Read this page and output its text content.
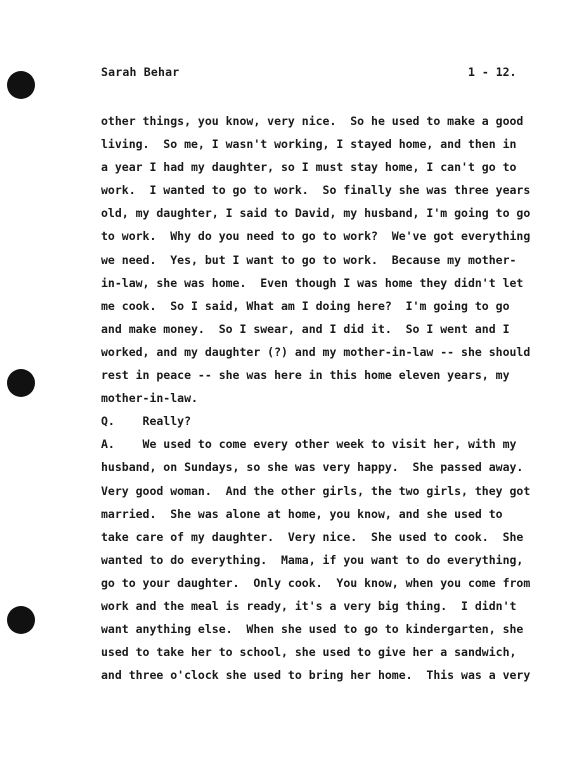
Sarah Behar	1 - 12.
other things, you know, very nice.  So he used to make a good
living.  So me, I wasn't working, I stayed home, and then in
a year I had my daughter, so I must stay home, I can't go to
work.  I wanted to go to work.  So finally she was three years
old, my daughter, I said to David, my husband, I'm going to go
to work.  Why do you need to go to work?  We've got everything
we need.  Yes, but I want to go to work.  Because my mother-
in-law, she was home.  Even though I was home they didn't let
me cook.  So I said, What am I doing here?  I'm going to go
and make money.  So I swear, and I did it.  So I went and I
worked, and my daughter (?) and my mother-in-law -- she should
rest in peace -- she was here in this home eleven years, my
mother-in-law.
Q.    Really?
A.    We used to come every other week to visit her, with my
husband, on Sundays, so she was very happy.  She passed away.
Very good woman.  And the other girls, the two girls, they got
married.  She was alone at home, you know, and she used to
take care of my daughter.  Very nice.  She used to cook.  She
wanted to do everything.  Mama, if you want to do everything,
go to your daughter.  Only cook.  You know, when you come from
work and the meal is ready, it's a very big thing.  I didn't
want anything else.  When she used to go to kindergarten, she
used to take her to school, she used to give her a sandwich,
and three o'clock she used to bring her home.  This was a very
